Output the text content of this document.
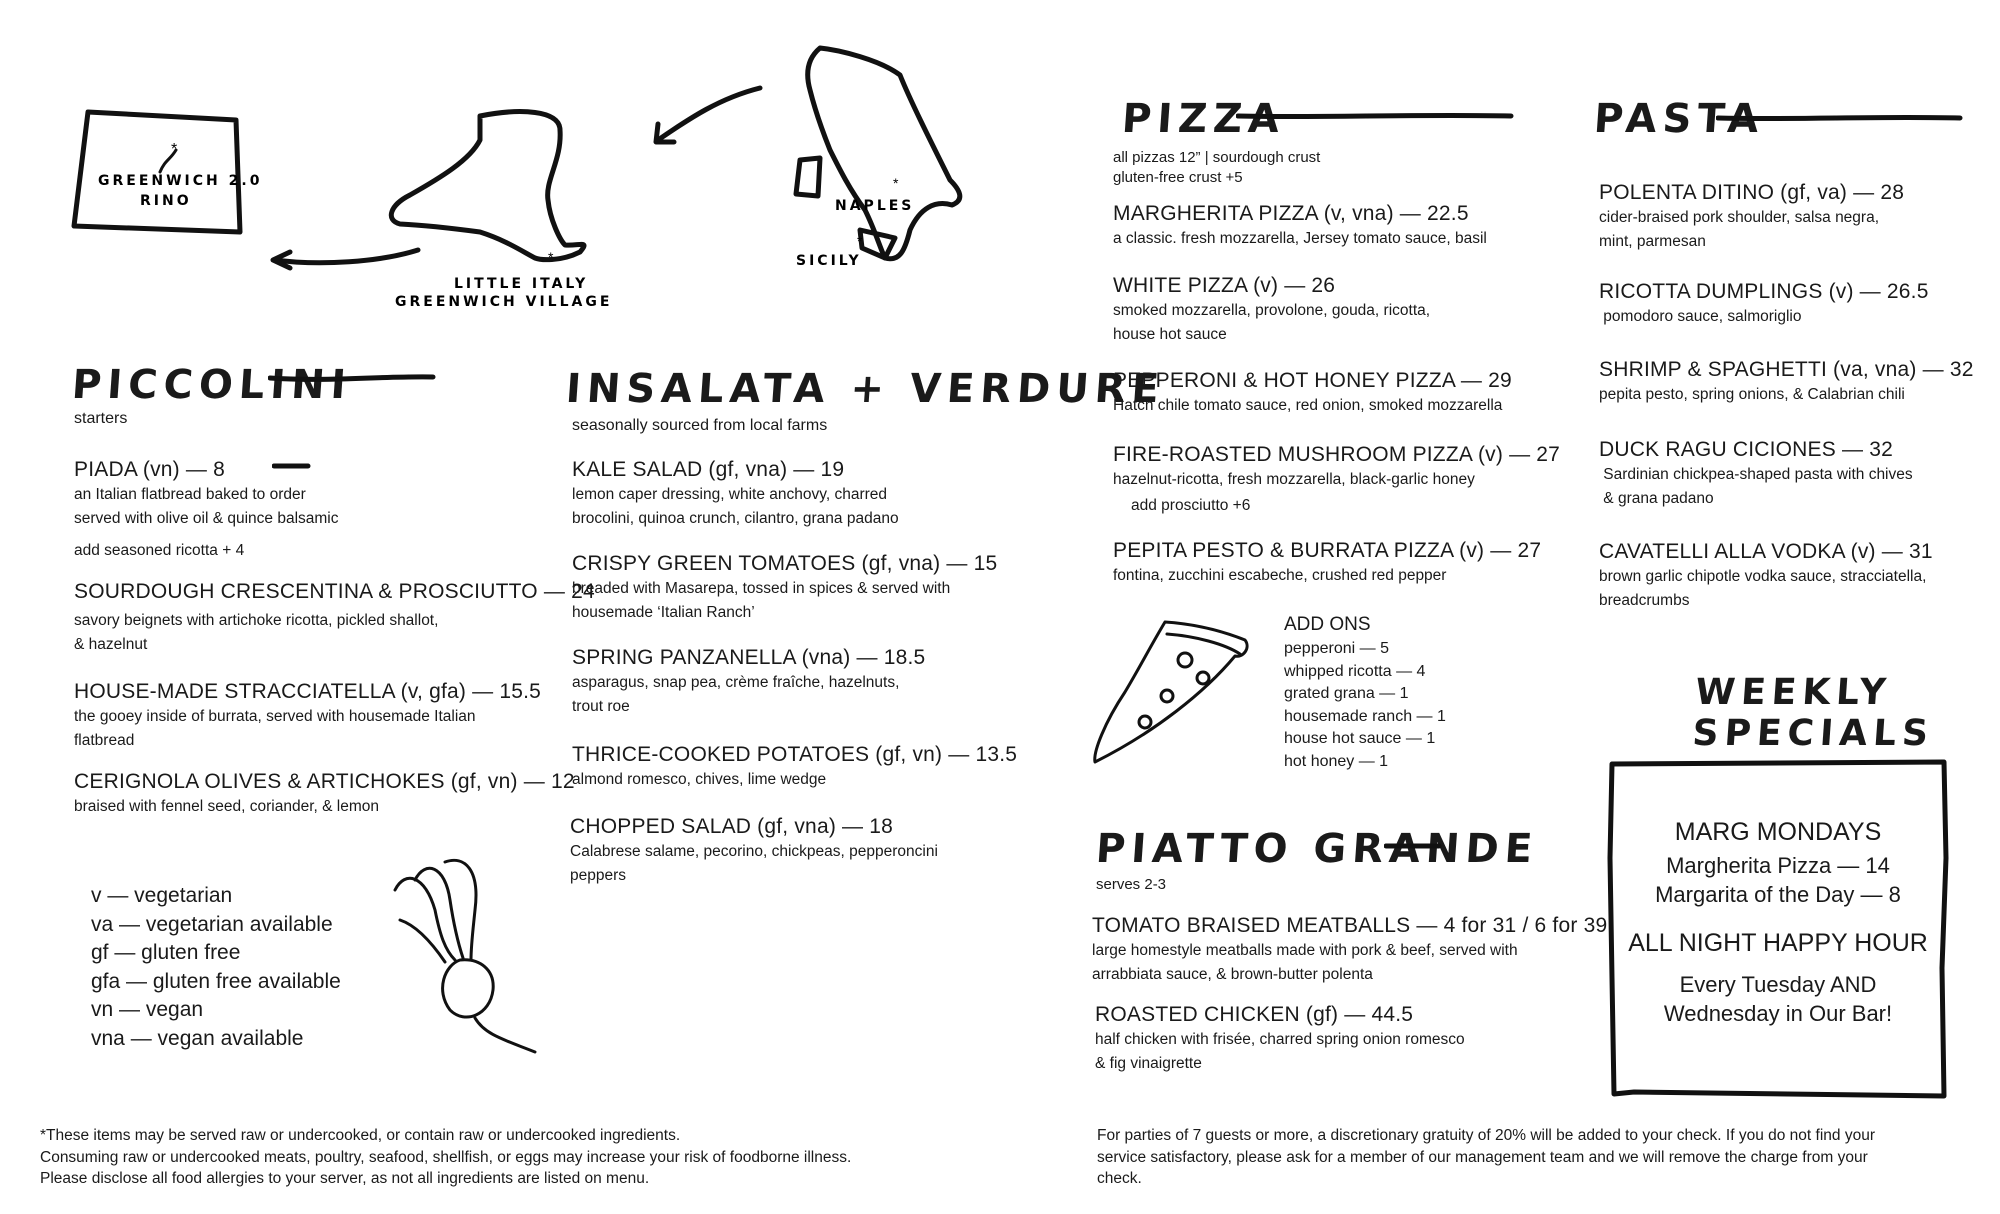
*
*
*
*
GREENWICH 2.0
RINO
LITTLE ITALY
GREENWICH VILLAGE
NAPLES
SICILY
PICCOLINI
starters
PIADA (vn) — 8
an Italian flatbread baked to order
served with olive oil & quince balsamic
add seasoned ricotta + 4
SOURDOUGH CRESCENTINA & PROSCIUTTO — 24
savory beignets with artichoke ricotta, pickled shallot,
& hazelnut
HOUSE-MADE STRACCIATELLA (v, gfa) — 15.5
the gooey inside of burrata, served with housemade Italian
flatbread
CERIGNOLA OLIVES & ARTICHOKES (gf, vn) — 12
braised with fennel seed, coriander, & lemon
v — vegetarian
va — vegetarian available
gf — gluten free
gfa — gluten free available
vn — vegan
vna — vegan available
INSALATA + VERDURE
seasonally sourced from local farms
KALE SALAD (gf, vna) — 19
lemon caper dressing, white anchovy, charred
brocolini, quinoa crunch, cilantro, grana padano
CRISPY GREEN TOMATOES (gf, vna) — 15
breaded with Masarepa, tossed in spices & served with
housemade ‘Italian Ranch’
SPRING PANZANELLA (vna) — 18.5
asparagus, snap pea, crème fraîche, hazelnuts,
trout roe
THRICE-COOKED POTATOES (gf, vn) — 13.5
almond romesco, chives, lime wedge
CHOPPED SALAD (gf, vna) — 18
Calabrese salame, pecorino, chickpeas, pepperoncini
peppers
PIZZA
all pizzas 12” | sourdough crust
gluten-free crust +5
MARGHERITA PIZZA (v, vna) — 22.5
a classic. fresh mozzarella, Jersey tomato sauce, basil
WHITE PIZZA (v) — 26
smoked mozzarella, provolone, gouda, ricotta,
house hot sauce
PEPPERONI & HOT HONEY PIZZA — 29
Hatch chile tomato sauce, red onion, smoked mozzarella
FIRE-ROASTED MUSHROOM PIZZA (v) — 27
hazelnut-ricotta, fresh mozzarella, black-garlic honey
add prosciutto +6
PEPITA PESTO & BURRATA PIZZA (v) — 27
fontina, zucchini escabeche, crushed red pepper
ADD ONS
pepperoni — 5
whipped ricotta — 4
grated grana — 1
housemade ranch — 1
house hot sauce — 1
hot honey — 1
PIATTO GRANDE
serves 2-3
TOMATO BRAISED MEATBALLS — 4 for 31 / 6 for 39
large homestyle meatballs made with pork & beef, served with
arrabbiata sauce, & brown-butter polenta
ROASTED CHICKEN (gf) — 44.5
half chicken with frisée, charred spring onion romesco
& fig vinaigrette
PASTA
POLENTA DITINO (gf, va) — 28
cider-braised pork shoulder, salsa negra,
mint, parmesan
RICOTTA DUMPLINGS (v) — 26.5
pomodoro sauce, salmoriglio
SHRIMP & SPAGHETTI (va, vna) — 32
pepita pesto, spring onions, & Calabrian chili
DUCK RAGU CICIONES — 32
Sardinian chickpea-shaped pasta with chives
& grana padano
CAVATELLI ALLA VODKA (v) — 31
brown garlic chipotle vodka sauce, stracciatella,
breadcrumbs
WEEKLY
SPECIALS
MARG MONDAYS
Margherita Pizza — 14
Margarita of the Day — 8
ALL NIGHT HAPPY HOUR
Every Tuesday AND
Wednesday in Our Bar!
*These items may be served raw or undercooked, or contain raw or undercooked ingredients.
Consuming raw or undercooked meats, poultry, seafood, shellfish, or eggs may increase your risk of foodborne illness.
Please disclose all food allergies to your server, as not all ingredients are listed on menu.
For parties of 7 guests or more, a discretionary gratuity of 20% will be added to your check. If you do not find your
service satisfactory, please ask for a member of our management team and we will remove the charge from your
check.
